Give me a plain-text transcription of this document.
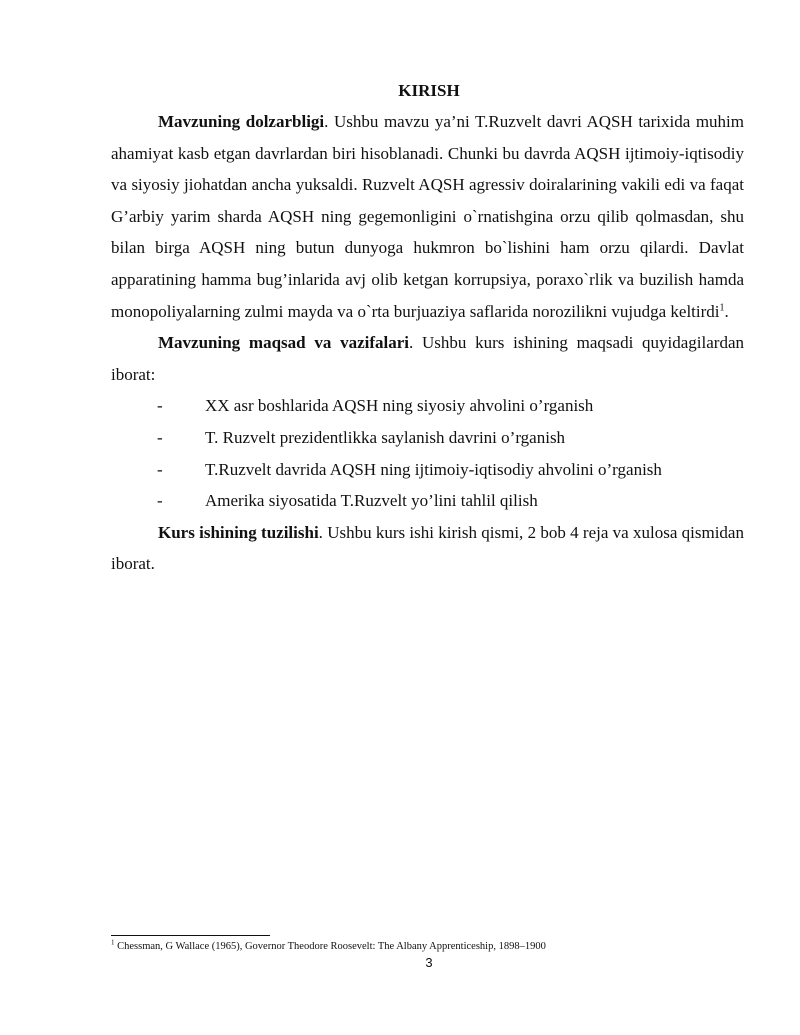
KIRISH

Mavzuning dolzarbligi. Ushbu mavzu ya’ni T.Ruzvelt davri AQSH tarixida muhim ahamiyat kasb etgan davrlardan biri hisoblanadi. Chunki bu davrda AQSH ijtimoiy-iqtisodiy va siyosiy jiohatdan ancha yuksaldi. Ruzvelt AQSH agressiv doiralarining vakili edi va faqat G’arbiy yarim sharda AQSH ning gegemonligini o`rnatishgina orzu qilib qolmasdan, shu bilan birga AQSH ning butun dunyoga hukmron bo`lishini ham orzu qilardi. Davlat apparatining hamma bug’inlarida avj olib ketgan korrupsiya, poraxo`rlik va buzilish hamda monopoliyalarning zulmi mayda va o`rta burjuaziya saflarida norozilikni vujudga keltirdi$^1$.

Mavzuning maqsad va vazifalari. Ushbu kurs ishining maqsadi quyidagilardan iborat:

- XX asr boshlarida AQSH ning siyosiy ahvolini o’rganish
- T. Ruzvelt prezidentlikka saylanish davrini o’rganish
- T.Ruzvelt davrida AQSH ning ijtimoiy-iqtisodiy ahvolini o’rganish
- Amerika siyosatida T.Ruzvelt yo’lini tahlil qilish

Kurs ishining tuzilishi. Ushbu kurs ishi kirish qismi, 2 bob 4 reja va xulosa qismidan iborat.

$^1$ Chessman, G Wallace (1965), Governor Theodore Roosevelt: The Albany Apprenticeship, 1898–1900
3
